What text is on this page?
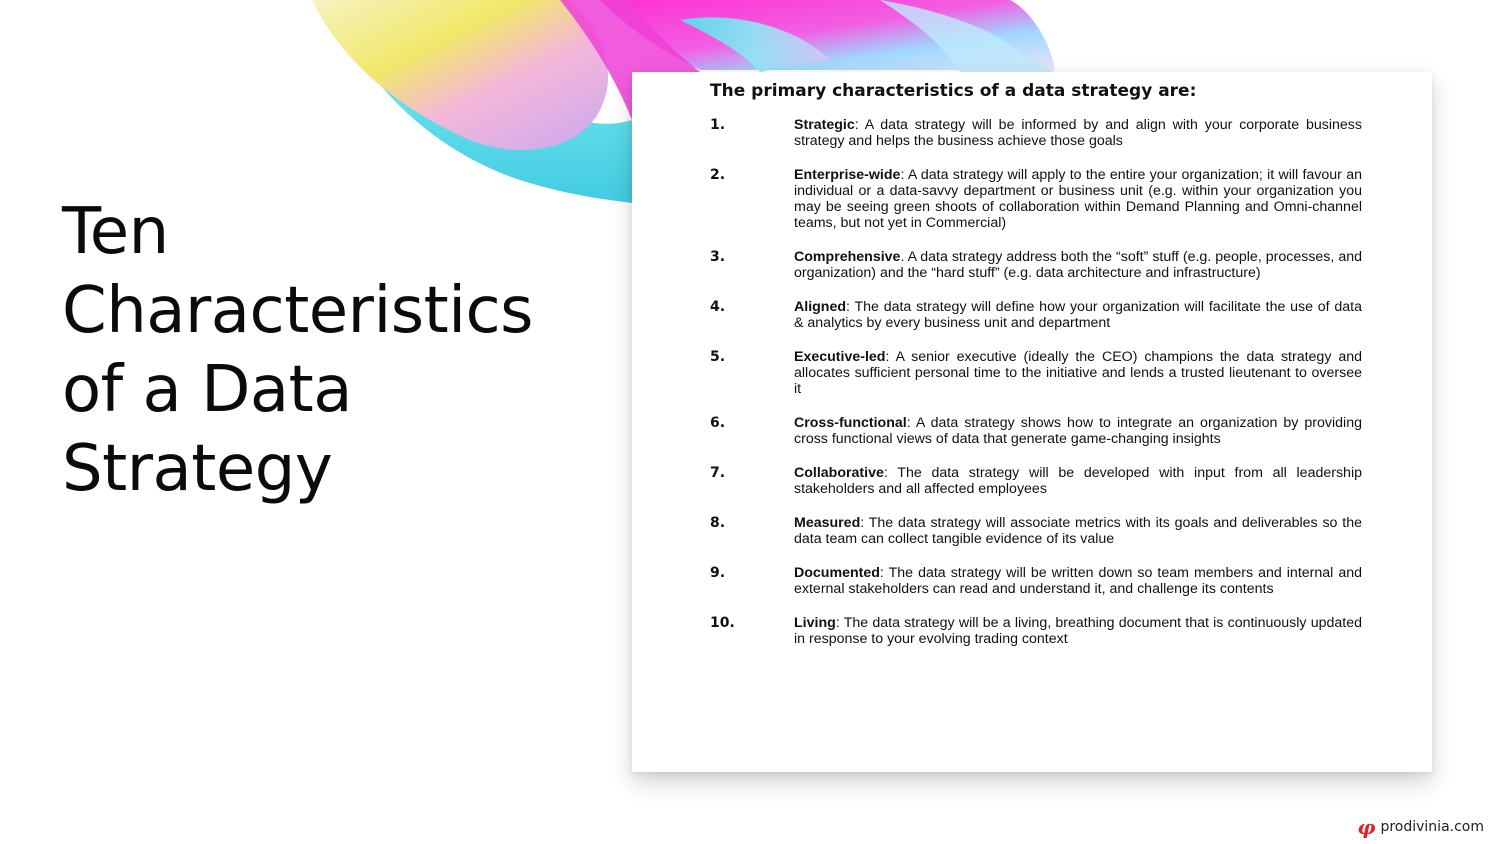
Ten Characteristics of a Data Strategy
The primary characteristics of a data strategy are:
1.	Strategic: A data strategy will be informed by and align with your corporate business strategy and helps the business achieve those goals
2.	Enterprise-wide: A data strategy will apply to the entire your organization; it will favour an individual or a data-savvy department or business unit (e.g. within your organization you may be seeing green shoots of collaboration within Demand Planning and Omni-channel teams, but not yet in Commercial)
3.	Comprehensive. A data strategy address both the “soft” stuff (e.g. people, processes, and organization) and the “hard stuff” (e.g. data architecture and infrastructure)
4.	Aligned: The data strategy will define how your organization will facilitate the use of data & analytics by every business unit and department
5.	Executive-led: A senior executive (ideally the CEO) champions the data strategy and allocates sufficient personal time to the initiative and lends a trusted lieutenant to oversee it
6.	Cross-functional: A data strategy shows how to integrate an organization by providing cross functional views of data that generate game-changing insights
7.	Collaborative: The data strategy will be developed with input from all leadership stakeholders and all affected employees
8.	Measured: The data strategy will associate metrics with its goals and deliverables so the data team can collect tangible evidence of its value
9.	Documented: The data strategy will be written down so team members and internal and external stakeholders can read and understand it, and challenge its contents
10.	Living: The data strategy will be a living, breathing document that is continuously updated in response to your evolving trading context
φ prodivinia.com
